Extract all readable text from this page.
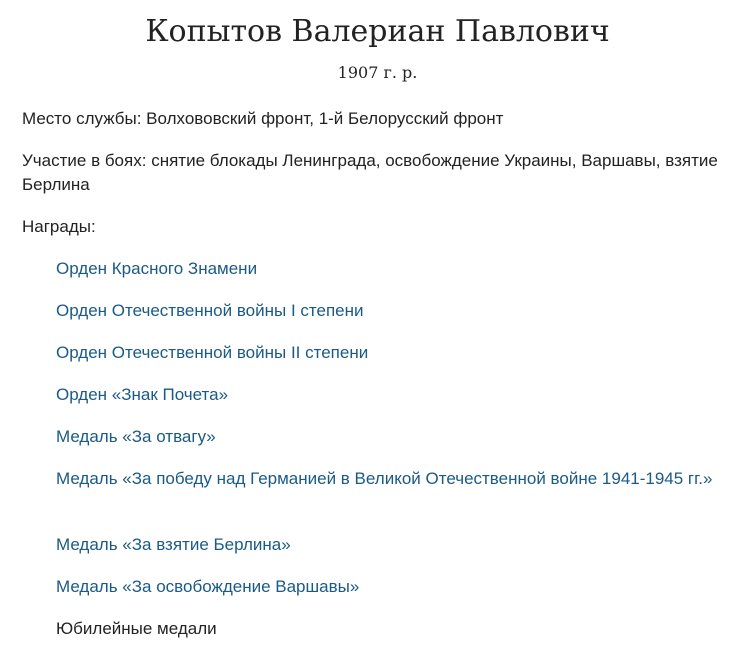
Копытов Валериан Павлович
1907 г. р.

Место службы: Волхововский фронт, 1-й Белорусский фронт

Участие в боях: снятие блокады Ленинграда, освобождение Украины, Варшавы, взятие Берлина

Награды:

Орден Красного Знамени
Орден Отечественной войны I степени
Орден Отечественной войны II степени
Орден «Знак Почета»
Медаль «За отвагу»
Медаль «За победу над Германией в Великой Отечественной войне 1941-1945 гг.»
Медаль «За взятие Берлина»
Медаль «За освобождение Варшавы»
Юбилейные медали
